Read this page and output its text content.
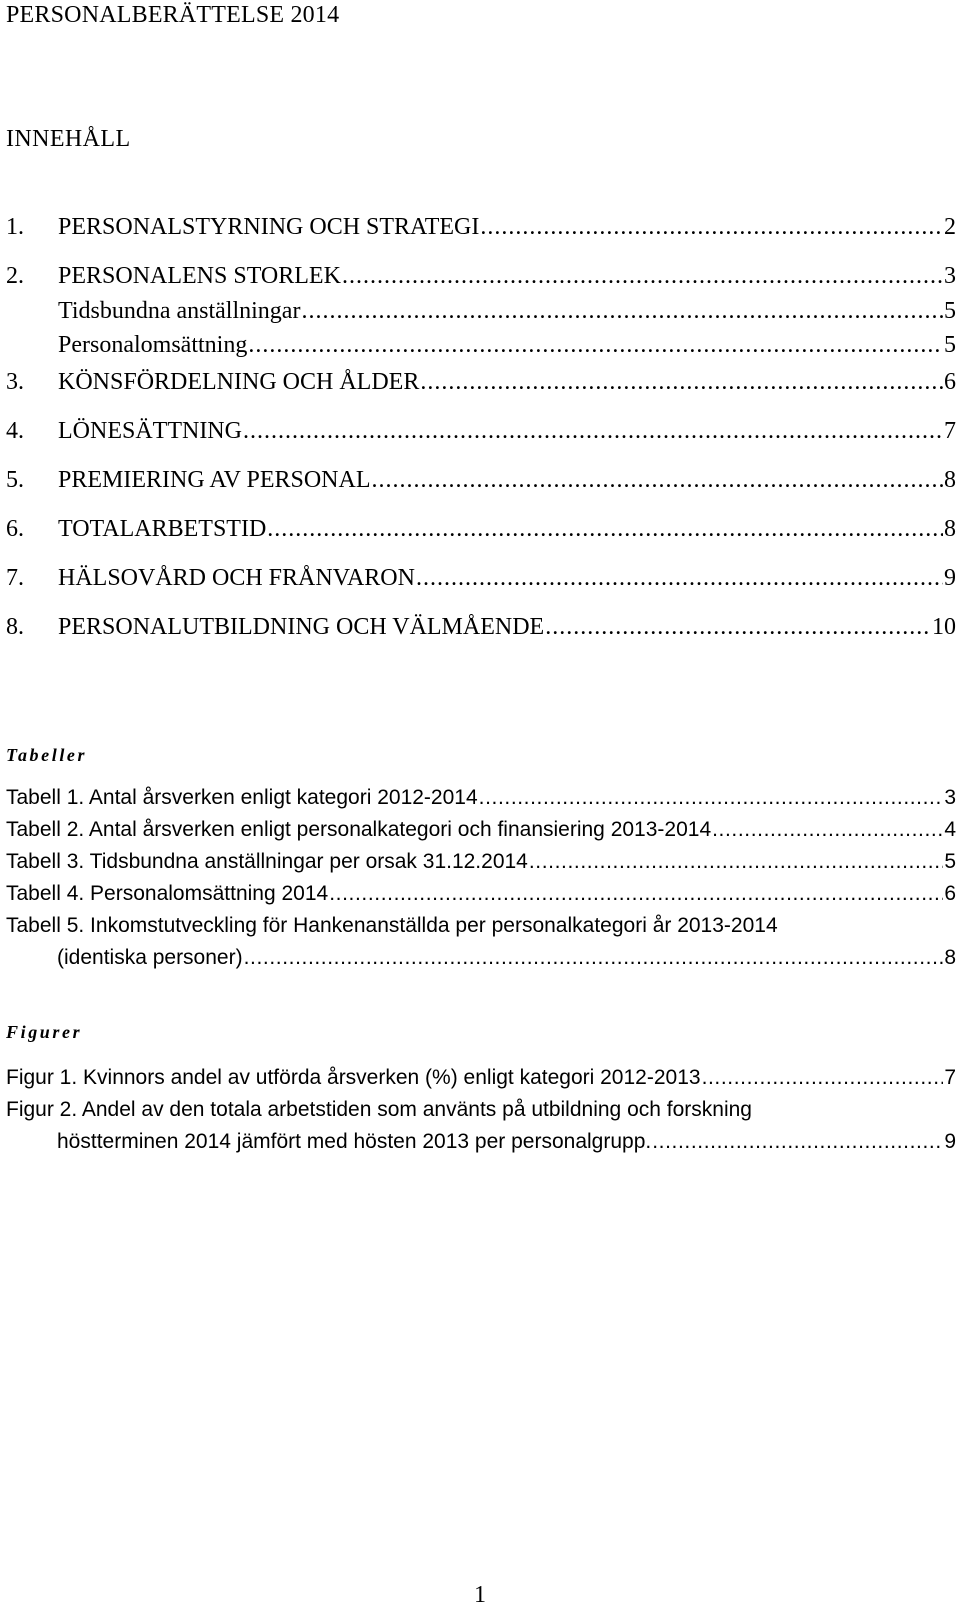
PERSONALBERÄTTELSE 2014
INNEHÅLL
1.	PERSONALSTYRNING OCH STRATEGI .....	2
2.	PERSONALENS STORLEK .....	3
Tidsbundna anställningar .....	5
Personalomsättning .....	5
3.	KÖNSFÖRDELNING OCH ÅLDER .....	6
4.	LÖNESÄTTNING .....	7
5.	PREMIERING AV PERSONAL .....	8
6.	TOTALARBETSTID .....	8
7.	HÄLSOVÅRD OCH FRÅNVARON .....	9
8.	PERSONALUTBILDNING OCH VÄLMÅENDE .....	10
Tabeller
Tabell 1. Antal årsverken enligt kategori 2012-2014 .....	3
Tabell 2. Antal årsverken enligt personalkategori och finansiering 2013-2014 .....	4
Tabell 3. Tidsbundna anställningar per orsak 31.12.2014 .....	5
Tabell 4. Personalomsättning 2014 .....	6
Tabell 5. Inkomstutveckling för Hankenanställda per personalkategori år 2013-2014
(identiska personer) .....	8
Figurer
Figur 1. Kvinnors andel av utförda årsverken (%) enligt kategori 2012-2013 .....	7
Figur 2. Andel av den totala arbetstiden som använts på utbildning och forskning
höstterminen 2014 jämfört med hösten 2013 per personalgrupp. .....	9
1
